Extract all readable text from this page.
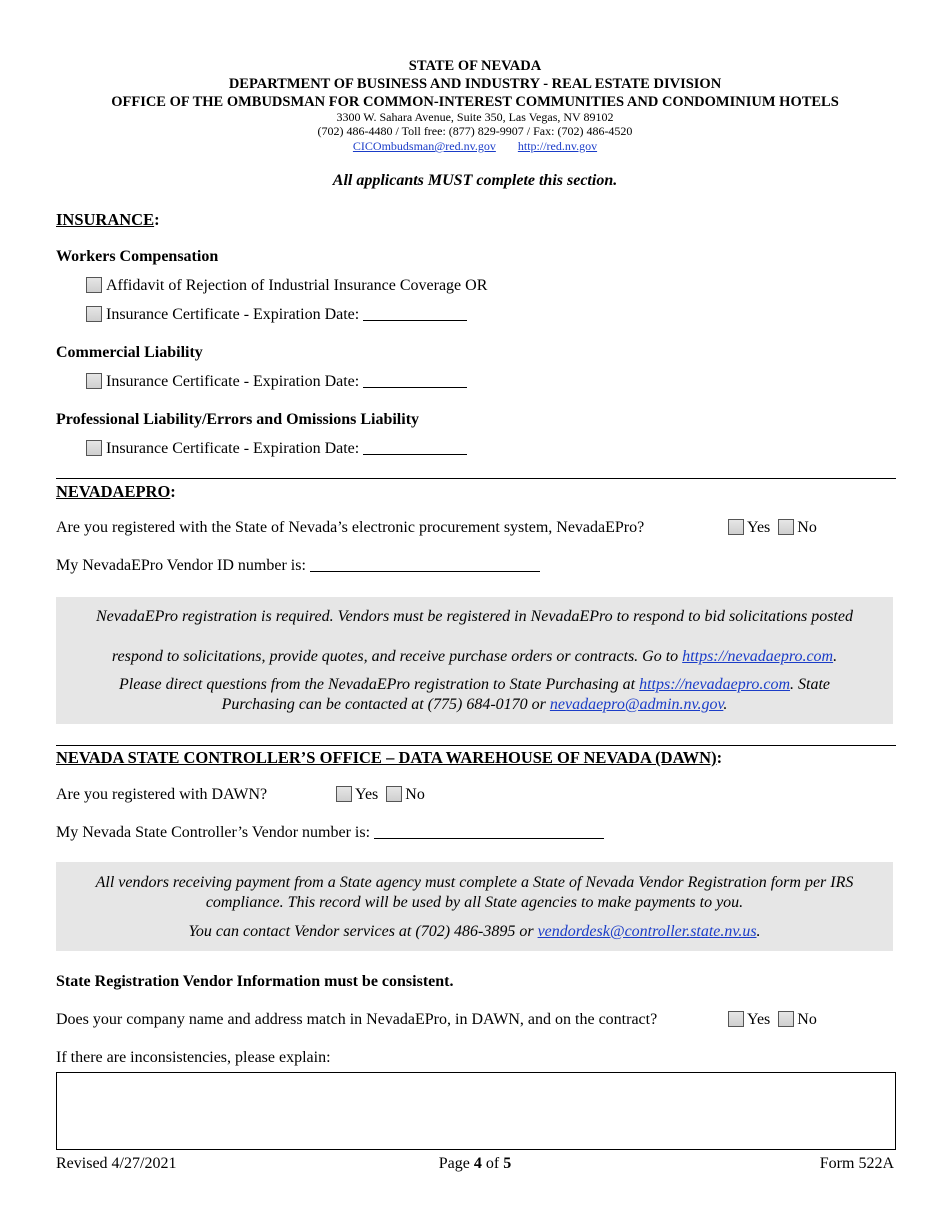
STATE OF NEVADA
DEPARTMENT OF BUSINESS AND INDUSTRY - REAL ESTATE DIVISION
OFFICE OF THE OMBUDSMAN FOR COMMON-INTEREST COMMUNITIES AND CONDOMINIUM HOTELS
3300 W. Sahara Avenue, Suite 350, Las Vegas, NV 89102
(702) 486-4480 / Toll free: (877) 829-9907 / Fax: (702) 486-4520
CICOmbudsman@red.nv.gov http://red.nv.gov
All applicants MUST complete this section.
INSURANCE:
Workers Compensation
Affidavit of Rejection of Industrial Insurance Coverage OR
Insurance Certificate - Expiration Date:
Commercial Liability
Insurance Certificate - Expiration Date:
Professional Liability/Errors and Omissions Liability
Insurance Certificate - Expiration Date:
NEVADAEPRO:
Are you registered with the State of Nevada’s electronic procurement system, NevadaEPro?	Yes No
My NevadaEPro Vendor ID number is:
NevadaEPro registration is required. Vendors must be registered in NevadaEPro to respond to bid solicitations posted
respond to solicitations, provide quotes, and receive purchase orders or contracts. Go to https://nevadaepro.com.
Please direct questions from the NevadaEPro registration to State Purchasing at https://nevadaepro.com. State
Purchasing can be contacted at (775) 684-0170 or nevadaepro@admin.nv.gov.
NEVADA STATE CONTROLLER’S OFFICE – DATA WAREHOUSE OF NEVADA (DAWN):
Are you registered with DAWN?	Yes No
My Nevada State Controller’s Vendor number is:
All vendors receiving payment from a State agency must complete a State of Nevada Vendor Registration form per IRS
compliance. This record will be used by all State agencies to make payments to you.
You can contact Vendor services at (702) 486-3895 or vendordesk@controller.state.nv.us.
State Registration Vendor Information must be consistent.
Does your company name and address match in NevadaEPro, in DAWN, and on the contract?	Yes No
If there are inconsistencies, please explain:
Revised 4/27/2021	Page 4 of 5	Form 522A
